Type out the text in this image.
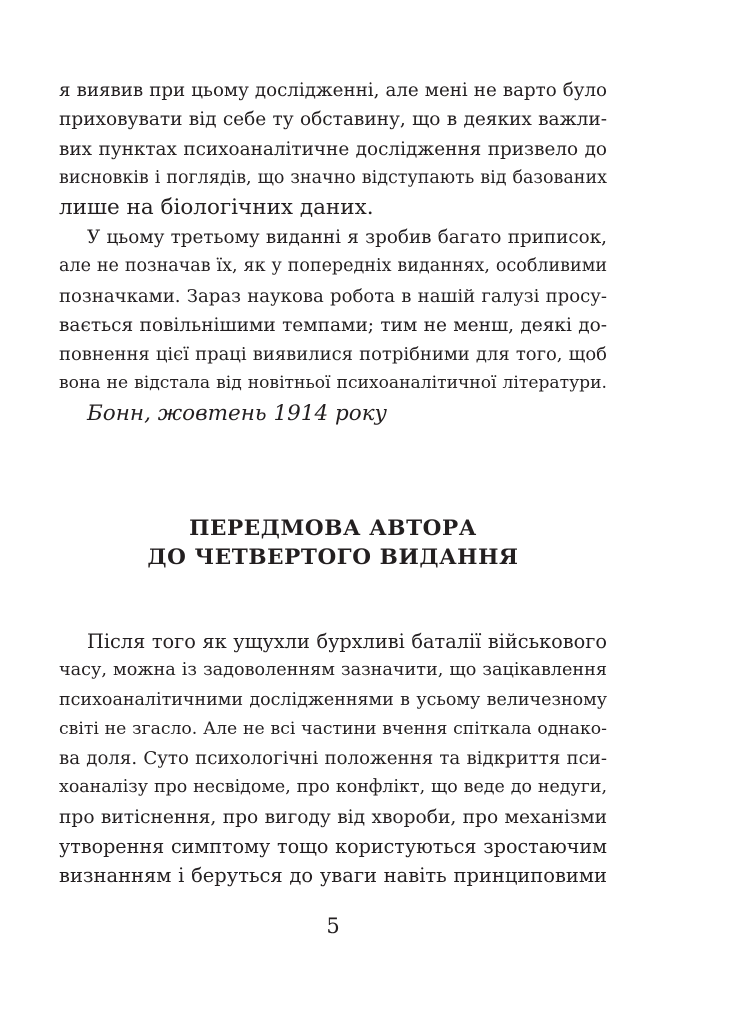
я виявив при цьому дослідженні, але мені не варто було
приховувати від себе ту обставину, що в деяких важли-
вих пунктах психоаналітичне дослідження призвело до
висновків і поглядів, що значно відступають від базованих
лише на біологічних даних.
У цьому третьому виданні я зробив багато приписок,
але не позначав їх, як у попередніх виданнях, особливими
позначками. Зараз наукова робота в нашій галузі просу-
вається повільнішими темпами; тим не менш, деякі до-
повнення цієї праці виявилися потрібними для того, щоб
вона не відстала від новітньої психоаналітичної літератури.
Бонн, жовтень 1914 року
ПЕРЕДМОВА АВТОРА
ДО ЧЕТВЕРТОГО ВИДАННЯ
Після того як ущухли бурхливі баталії військового
часу, можна із задоволенням зазначити, що зацікавлення
психоаналітичними дослідженнями в усьому величезному
світі не згасло. Але не всі частини вчення спіткала однако-
ва доля. Суто психологічні положення та відкриття пси-
хоаналізу про несвідоме, про конфлікт, що веде до недуги,
про витіснення, про вигоду від хвороби, про механізми
утворення симптому тощо користуються зростаючим
визнанням і беруться до уваги навіть принциповими
5
